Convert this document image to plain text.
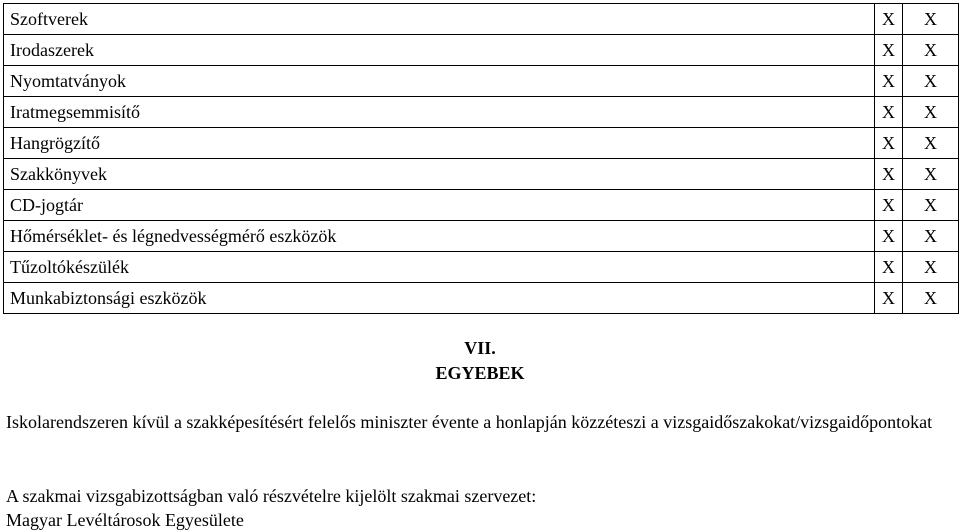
Szoftverek	X	X
Irodaszerek	X	X
Nyomtatványok	X	X
Iratmegsemmisítő	X	X
Hangrögzítő	X	X
Szakkönyvek	X	X
CD-jogtár	X	X
Hőmérséklet- és légnedvességmérő eszközök	X	X
Tűzoltókészülék	X	X
Munkabiztonsági eszközök	X	X
VII.
EGYEBEK

Iskolarendszeren kívül a szakképesítésért felelős miniszter évente a honlapján közzéteszi a vizsgaidőszakokat/vizsgaidőpontokat

A szakmai vizsgabizottságban való részvételre kijelölt szakmai szervezet:
Magyar Levéltárosok Egyesülete
